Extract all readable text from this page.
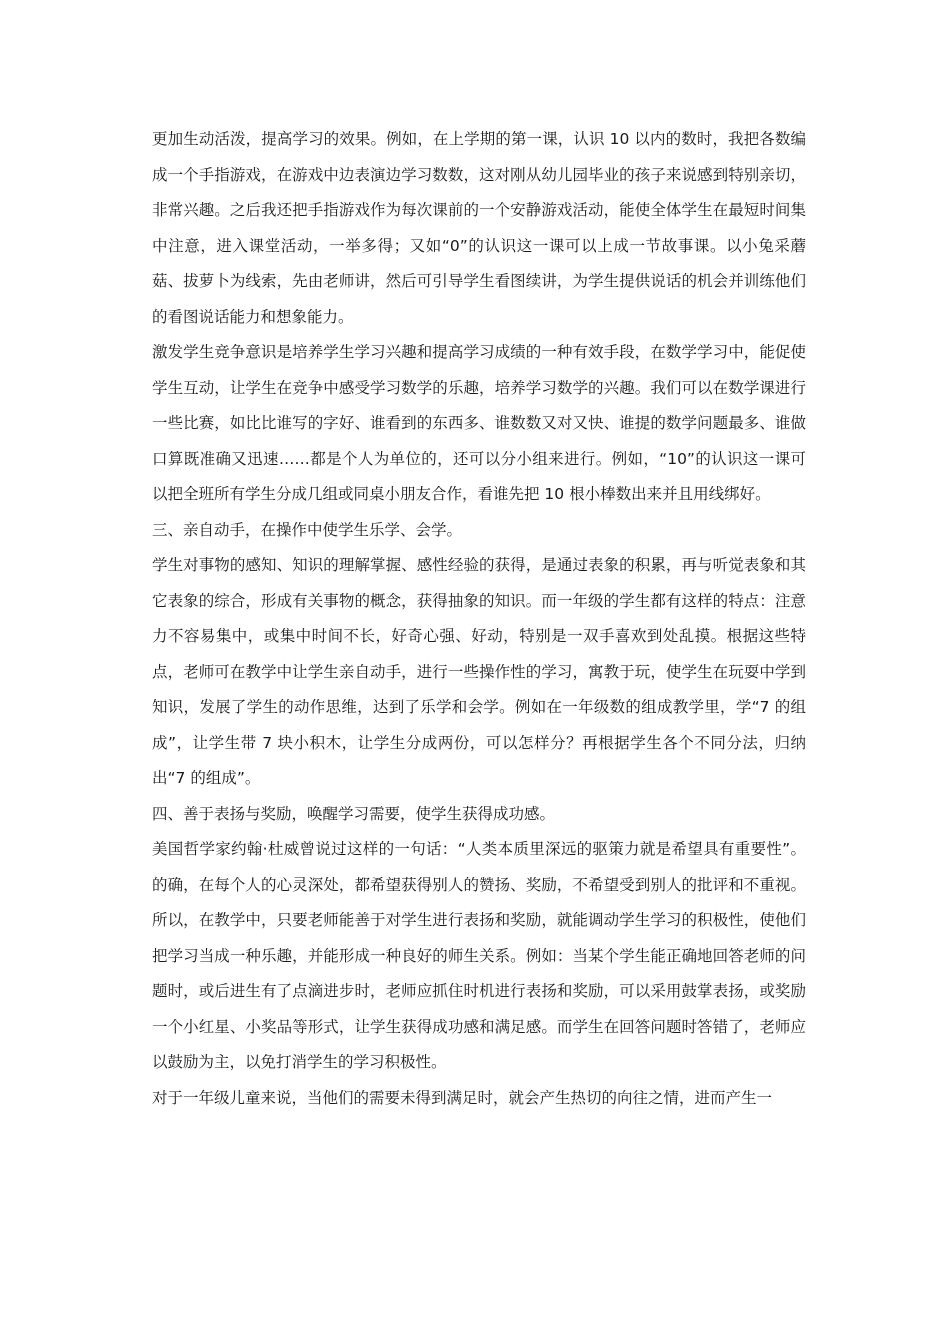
更加生动活泼，提高学习的效果。例如，在上学期的第一课，认识 10 以内的数时，我把各数编成一个手指游戏，在游戏中边表演边学习数数，这对刚从幼儿园毕业的孩子来说感到特别亲切，非常兴趣。之后我还把手指游戏作为每次课前的一个安静游戏活动，能使全体学生在最短时间集中注意，进入课堂活动，一举多得；又如“0”的认识这一课可以上成一节故事课。以小兔采蘑菇、拔萝卜为线索，先由老师讲，然后可引导学生看图续讲，为学生提供说话的机会并训练他们的看图说话能力和想象能力。

激发学生竞争意识是培养学生学习兴趣和提高学习成绩的一种有效手段，在数学学习中，能促使学生互动，让学生在竞争中感受学习数学的乐趣，培养学习数学的兴趣。我们可以在数学课进行一些比赛，如比比谁写的字好、谁看到的东西多、谁数数又对又快、谁提的数学问题最多、谁做口算既准确又迅速……都是个人为单位的，还可以分小组来进行。例如，“10”的认识这一课可以把全班所有学生分成几组或同桌小朋友合作，看谁先把 10 根小棒数出来并且用线绑好。

三、亲自动手，在操作中使学生乐学、会学。

学生对事物的感知、知识的理解掌握、感性经验的获得，是通过表象的积累，再与听觉表象和其它表象的综合，形成有关事物的概念，获得抽象的知识。而一年级的学生都有这样的特点：注意力不容易集中，或集中时间不长，好奇心强、好动，特别是一双手喜欢到处乱摸。根据这些特点，老师可在教学中让学生亲自动手，进行一些操作性的学习，寓教于玩，使学生在玩耍中学到知识，发展了学生的动作思维，达到了乐学和会学。例如在一年级数的组成教学里，学“7 的组成”，让学生带 7 块小积木，让学生分成两份，可以怎样分？再根据学生各个不同分法，归纳出“7 的组成”。

四、善于表扬与奖励，唤醒学习需要，使学生获得成功感。

美国哲学家约翰·杜威曾说过这样的一句话：“人类本质里深远的驱策力就是希望具有重要性”。的确，在每个人的心灵深处，都希望获得别人的赞扬、奖励，不希望受到别人的批评和不重视。所以，在教学中，只要老师能善于对学生进行表扬和奖励，就能调动学生学习的积极性，使他们把学习当成一种乐趣，并能形成一种良好的师生关系。例如：当某个学生能正确地回答老师的问题时，或后进生有了点滴进步时，老师应抓住时机进行表扬和奖励，可以采用鼓掌表扬，或奖励一个小红星、小奖品等形式，让学生获得成功感和满足感。而学生在回答问题时答错了，老师应以鼓励为主，以免打消学生的学习积极性。

对于一年级儿童来说，当他们的需要未得到满足时，就会产生热切的向往之情，进而产生一
